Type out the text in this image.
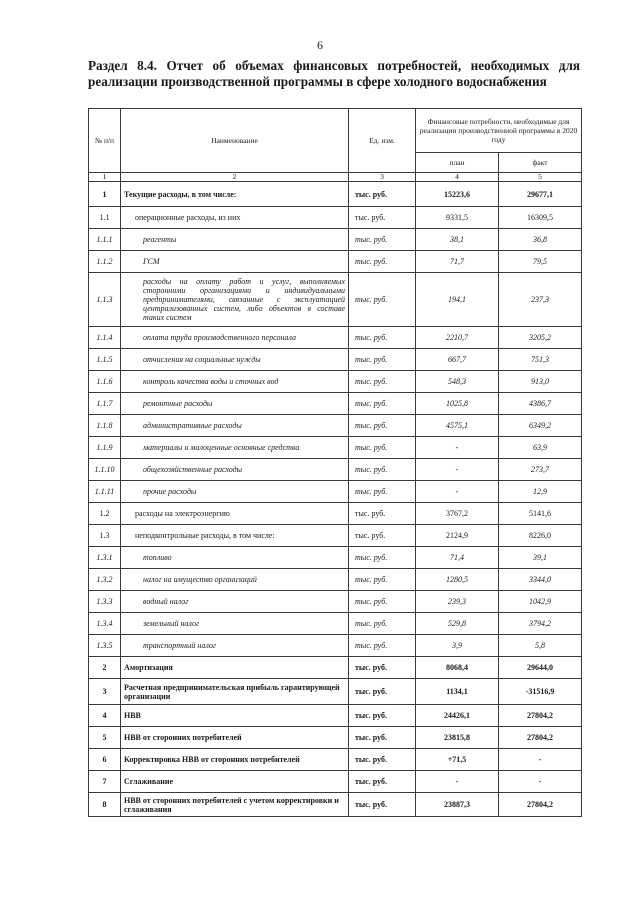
6
Раздел 8.4. Отчет об объемах финансовых потребностей, необходимых для реализации производственной программы в сфере холодного водоснабжения
№ п/п	Наименование	Ед. изм.	Финансовые потребности, необходимые для реализации производственной программы в 2020 году	
			план	факт
1	2	3	4	5
1	Текущие расходы, в том числе:	тыс. руб.	15223,6	29677,1
1.1	операционные расходы, из них	тыс. руб.	9331,5	16309,5
1.1.1	реагенты	тыс. руб.	38,1	36,8
1.1.2	ГСМ	тыс. руб.	71,7	79,5
1.1.3	расходы на оплату работ и услуг, выполняемых сторонними организациями и индивидуальными предпринимателями, связанные с эксплуатацией централизованных систем, либо объектов в составе таких систем	тыс. руб.	194,1	237,3
1.1.4	оплата труда производственного персонала	тыс. руб.	2210,7	3205,2
1.1.5	отчисления на социальные нужды	тыс. руб.	667,7	751,3
1.1.6	контроль качества воды и сточных вод	тыс. руб.	548,3	913,0
1.1.7	ремонтные расходы	тыс. руб.	1025,8	4386,7
1.1.8	административные расходы	тыс. руб.	4575,1	6349,2
1.1.9	материалы и малоценные основные средства	тыс. руб.	-	63,9
1.1.10	общехозяйственные расходы	тыс. руб.	-	273,7
1.1.11	прочие расходы	тыс. руб.	-	12,9
1.2	расходы на электроэнергию	тыс. руб.	3767,2	5141,6
1.3	неподконтрольные расходы, в том числе:	тыс. руб.	2124,9	8226,0
1.3.1	топливо	тыс. руб.	71,4	39,1
1.3.2	налог на имущество организаций	тыс. руб.	1280,5	3344,0
1.3.3	водный налог	тыс. руб.	239,3	1042,9
1.3.4	земельный налог	тыс. руб.	529,8	3794,2
1.3.5	транспортный налог	тыс. руб.	3,9	5,8
2	Амортизация	тыс. руб.	8068,4	29644,0
3	Расчетная предпринимательская прибыль гарантирующей организации	тыс. руб.	1134,1	-31516,9
4	НВВ	тыс. руб.	24426,1	27804,2
5	НВВ от сторонних потребителей	тыс. руб.	23815,8	27804,2
6	Корректировка НВВ от сторонних потребителей	тыс. руб.	+71,5	-
7	Сглаживание	тыс. руб.	-	-
8	НВВ от сторонних потребителей с учетом корректировки и сглаживания	тыс. руб.	23887,3	27804,2
